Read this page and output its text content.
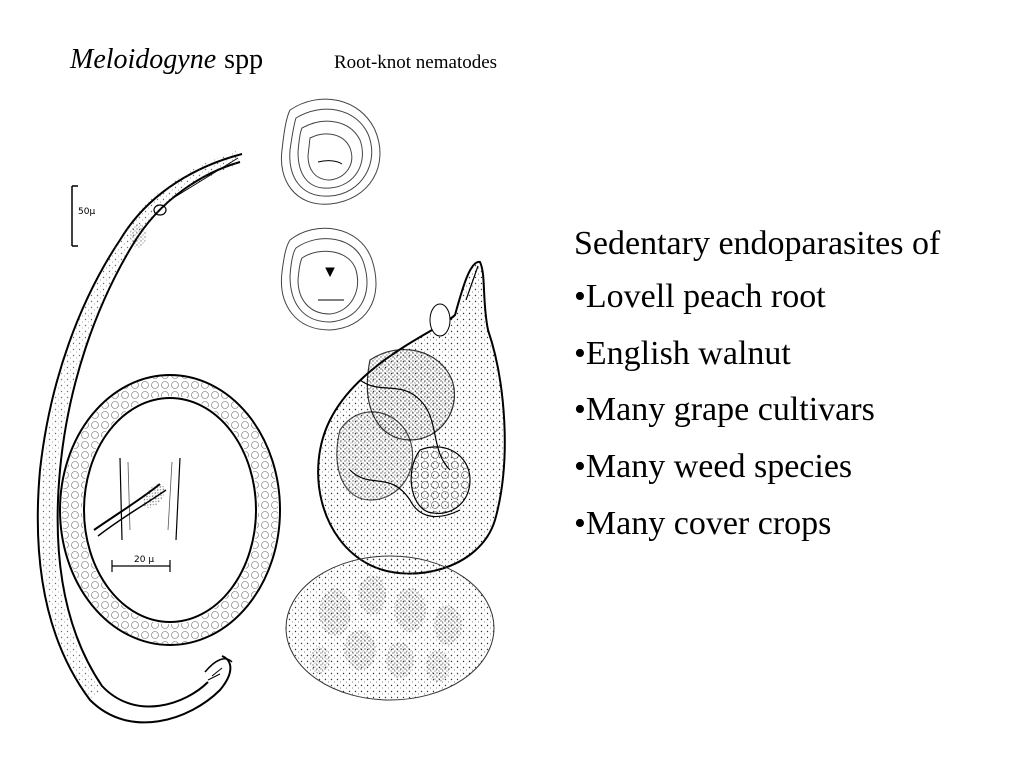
Meloidogyne spp	Root-knot nematodes
50µ
20 µ

Sedentary endoparasites of

•Lovell peach root
•English walnut
•Many grape cultivars
•Many weed species
•Many cover crops
